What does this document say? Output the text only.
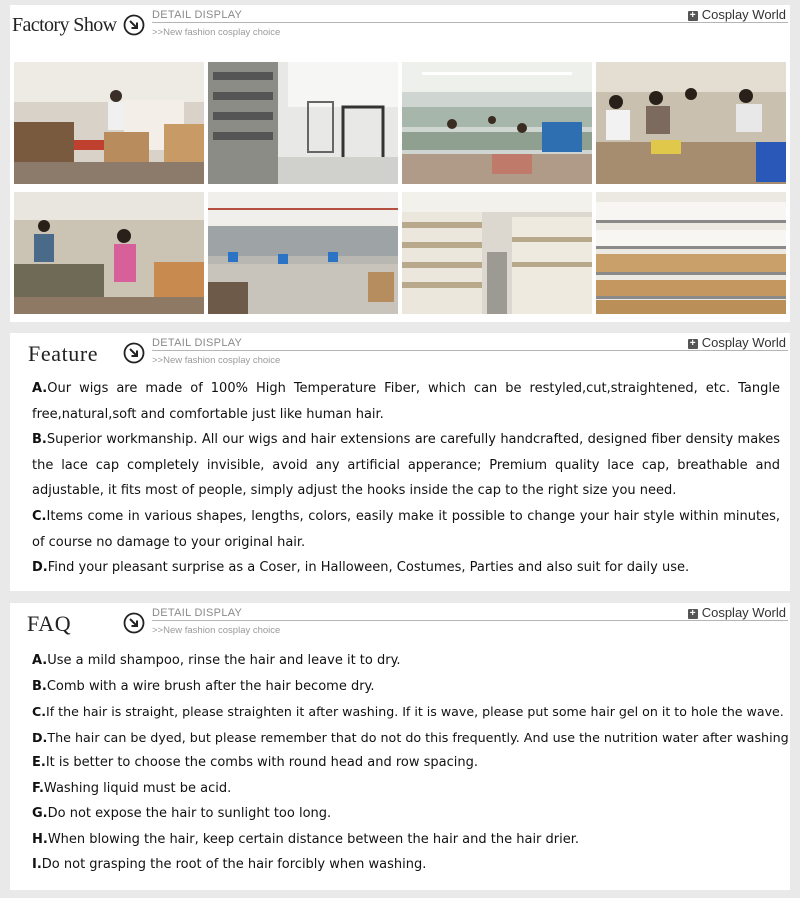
Factory Show	DETAIL DISPLAY
>>New fashion cosplay choice
+ Cosplay World
Feature	DETAIL DISPLAY
>>New fashion cosplay choice
+ Cosplay World

A.Our wigs are made of 100% High Temperature Fiber, which can be restyled,cut,straightened, etc. Tangle free,natural,soft and comfortable just like human hair.

B.Superior workmanship. All our wigs and hair extensions are carefully handcrafted, designed fiber density makes the lace cap completely invisible, avoid any artificial apperance; Premium quality lace cap, breathable and adjustable, it fits most of people, simply adjust the hooks inside the cap to the right size you need.

C.Items come in various shapes, lengths, colors, easily make it possible to change your hair style within minutes, of course no damage to your original hair.

D.Find your pleasant surprise as a Coser, in Halloween, Costumes, Parties and also suit for daily use.

FAQ	DETAIL DISPLAY
>>New fashion cosplay choice
+ Cosplay World

A.Use a mild shampoo, rinse the hair and leave it to dry.

B.Comb with a wire brush after the hair become dry.

C.If the hair is straight, please straighten it after washing. If it is wave, please put some hair gel on it to hole the wave.

D.The hair can be dyed, but please remember that do not do this frequently. And use the nutrition water after washing

E.It is better to choose the combs with round head and row spacing.

F.Washing liquid must be acid.

G.Do not expose the hair to sunlight too long.

H.When blowing the hair, keep certain distance between the hair and the hair drier.

I.Do not grasping the root of the hair forcibly when washing.
